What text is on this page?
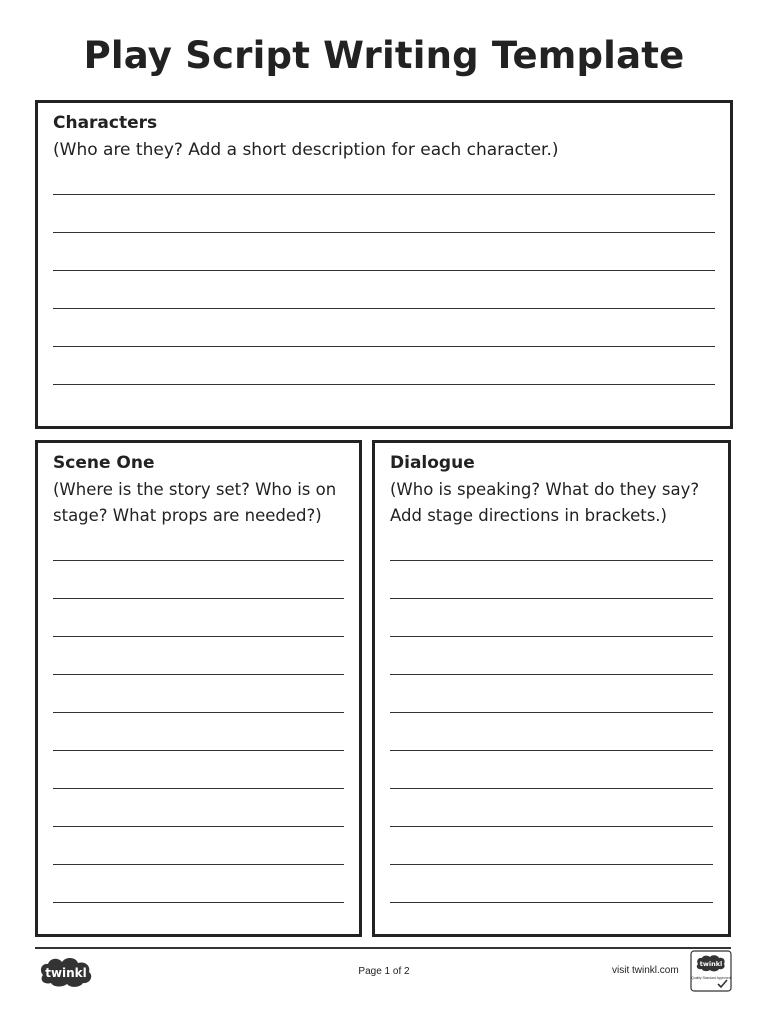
Play Script Writing Template
Characters
(Who are they? Add a short description for each character.)
Scene One
(Where is the story set? Who is on
stage? What props are needed?)
Dialogue
(Who is speaking? What do they say?
Add stage directions in brackets.)
twinkl	Page 1 of 2	visit twinkl.com
twinkl
Quality Standard Approved
